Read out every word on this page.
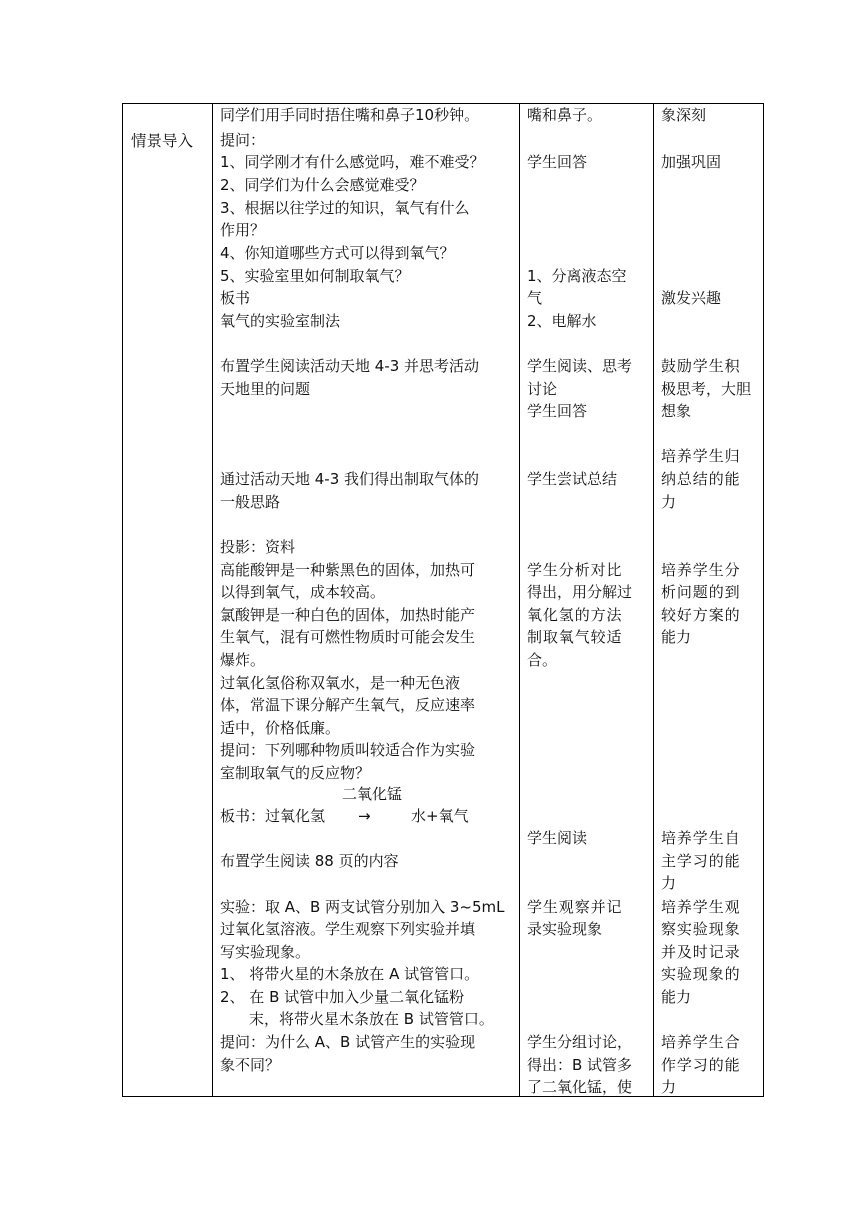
情景导入
同学们用手同时捂住嘴和鼻子10秒钟。
提问：
1、同学刚才有什么感觉吗，难不难受？
2、同学们为什么会感觉难受？
3、根据以往学过的知识，氧气有什么
作用？
4、你知道哪些方式可以得到氧气？
5、实验室里如何制取氧气？
板书
氧气的实验室制法
布置学生阅读活动天地 4-3 并思考活动
天地里的问题
通过活动天地 4-3 我们得出制取气体的
一般思路
投影：资料
高能酸钾是一种紫黑色的固体，加热可
以得到氧气，成本较高。
氯酸钾是一种白色的固体，加热时能产
生氧气，混有可燃性物质时可能会发生
爆炸。
过氧化氢俗称双氧水，是一种无色液
体，常温下课分解产生氧气，反应速率
适中，价格低廉。
提问：下列哪种物质叫较适合作为实验
室制取氧气的反应物？
二氧化锰
板书：过氧化氢 →	水+氧气
布置学生阅读 88 页的内容
实验：取 A、B 两支试管分别加入 3~5mL
过氧化氢溶液。学生观察下列实验并填
写实验现象。
1、 将带火星的木条放在 A 试管管口。
2、 在 B 试管中加入少量二氧化锰粉
末，将带火星木条放在 B 试管管口。
提问：为什么 A、B 试管产生的实验现
象不同？
嘴和鼻子。
学生回答
1、分离液态空
气
2、电解水
学生阅读、思考
讨论
学生回答
学生尝试总结
学生分析对比
得出，用分解过
氧化氢的方法
制取氧气较适
合。
学生阅读
学生观察并记
录实验现象
学生分组讨论，
得出：B 试管多
了二氧化锰，使
象深刻
加强巩固
激发兴趣
鼓励学生积
极思考，大胆
想象
培养学生归
纳总结的能
力
培养学生分
析问题的到
较好方案的
能力
培养学生自
主学习的能
力
培养学生观
察实验现象
并及时记录
实验现象的
能力
培养学生合
作学习的能
力
